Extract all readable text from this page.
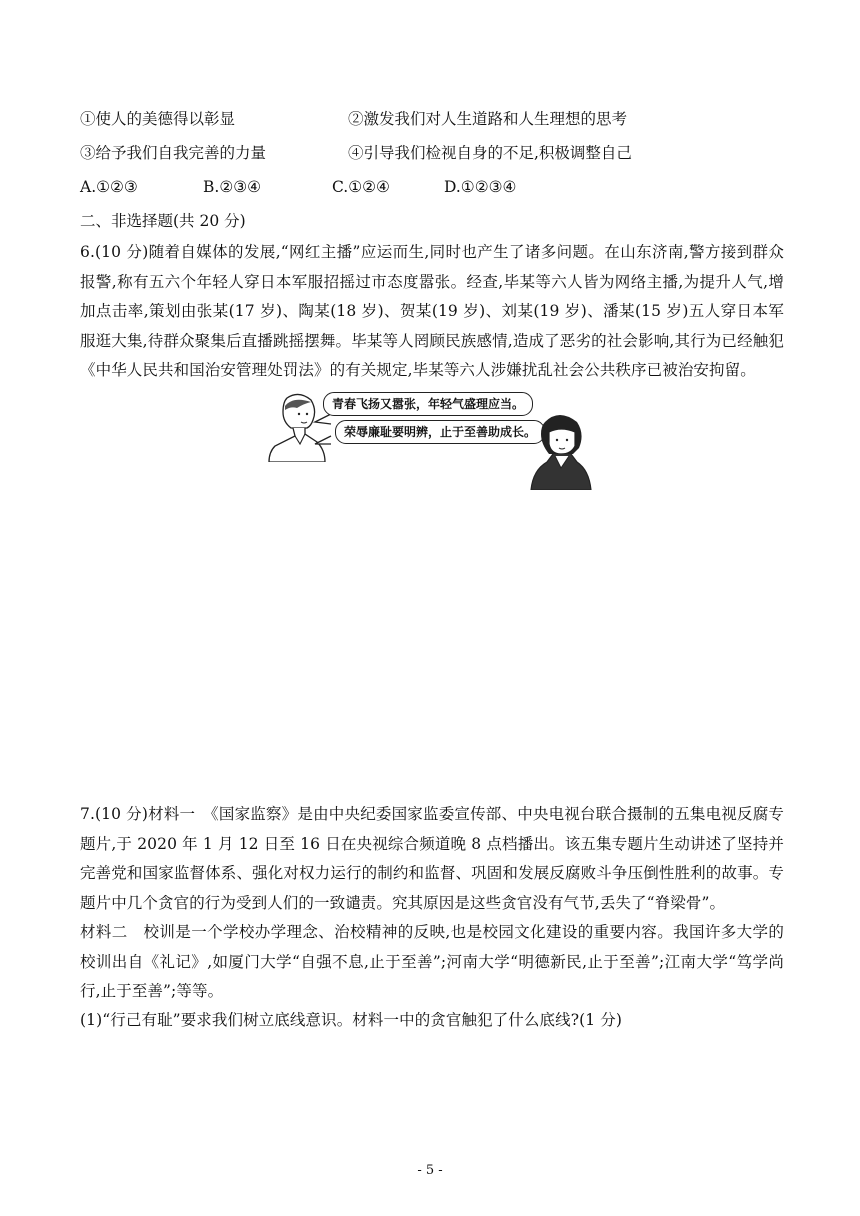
①使人的美德得以彰显	②激发我们对人生道路和人生理想的思考
③给予我们自我完善的力量	④引导我们检视自身的不足,积极调整自己
A.①②③	B.②③④	C.①②④	D.①②③④
二、非选择题(共 20 分)
6.(10 分)随着自媒体的发展,“网红主播”应运而生,同时也产生了诸多问题。在山东济南,警方接到群众报警,称有五六个年轻人穿日本军服招摇过市态度嚣张。经查,毕某等六人皆为网络主播,为提升人气,增加点击率,策划由张某(17 岁)、陶某(18 岁)、贺某(19 岁)、刘某(19 岁)、潘某(15 岁)五人穿日本军服逛大集,待群众聚集后直播跳摇摆舞。毕某等人罔顾民族感情,造成了恶劣的社会影响,其行为已经触犯《中华人民共和国治安管理处罚法》的有关规定,毕某等六人涉嫌扰乱社会公共秩序已被治安拘留。
青春飞扬又嚣张，年轻气盛理应当。
荣辱廉耻要明辨，止于至善助成长。
7.(10 分)材料一　《国家监察》是由中央纪委国家监委宣传部、中央电视台联合摄制的五集电视反腐专题片,于 2020 年 1 月 12 日至 16 日在央视综合频道晚 8 点档播出。该五集专题片生动讲述了坚持并完善党和国家监督体系、强化对权力运行的制约和监督、巩固和发展反腐败斗争压倒性胜利的故事。专题片中几个贪官的行为受到人们的一致谴责。究其原因是这些贪官没有气节,丢失了“脊梁骨”。
材料二　校训是一个学校办学理念、治校精神的反映,也是校园文化建设的重要内容。我国许多大学的校训出自《礼记》,如厦门大学“自强不息,止于至善”;河南大学“明德新民,止于至善”;江南大学“笃学尚行,止于至善”;等等。
(1)“行己有耻”要求我们树立底线意识。材料一中的贪官触犯了什么底线?(1 分)
- 5 -
